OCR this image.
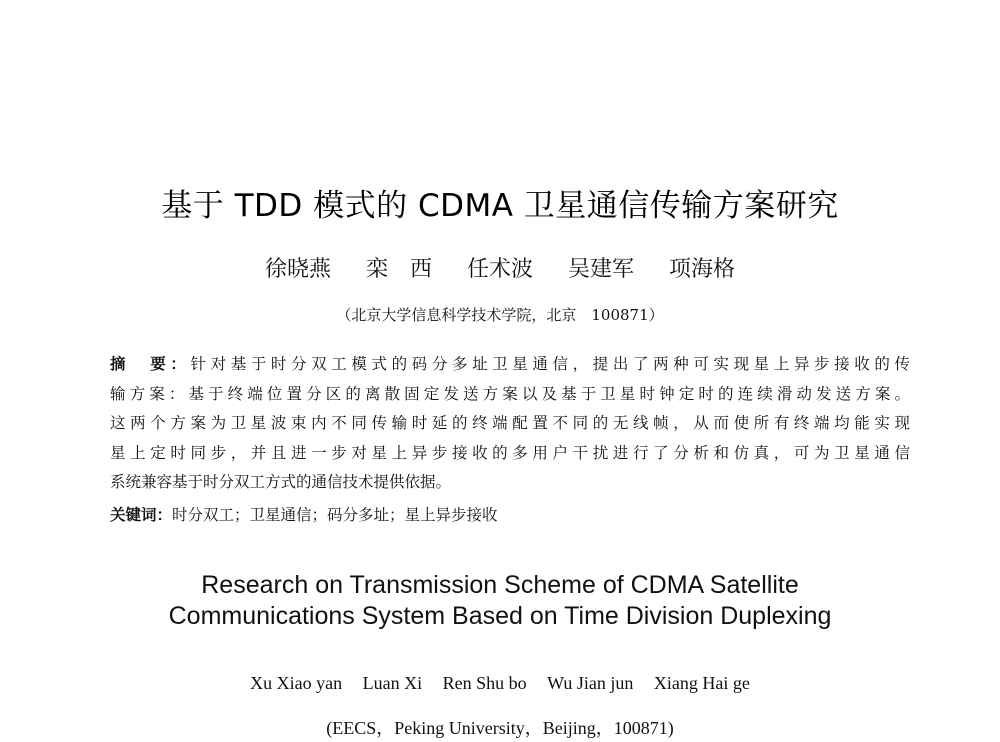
基于 TDD 模式的 CDMA 卫星通信传输方案研究
徐晓燕 栾　西 任术波 吴建军 项海格
（北京大学信息科学技术学院，北京　100871）
摘　要：针对基于时分双工模式的码分多址卫星通信，提出了两种可实现星上异步接收的传
输方案：基于终端位置分区的离散固定发送方案以及基于卫星时钟定时的连续滑动发送方案。
这两个方案为卫星波束内不同传输时延的终端配置不同的无线帧，从而使所有终端均能实现
星上定时同步，并且进一步对星上异步接收的多用户干扰进行了分析和仿真，可为卫星通信
系统兼容基于时分双工方式的通信技术提供依据。
关键词：时分双工；卫星通信；码分多址；星上异步接收
Research on Transmission Scheme of CDMA Satellite
Communications System Based on Time Division Duplexing
Xu Xiao yan Luan Xi Ren Shu bo Wu Jian jun Xiang Hai ge
(EECS，Peking University，Beijing，100871)
